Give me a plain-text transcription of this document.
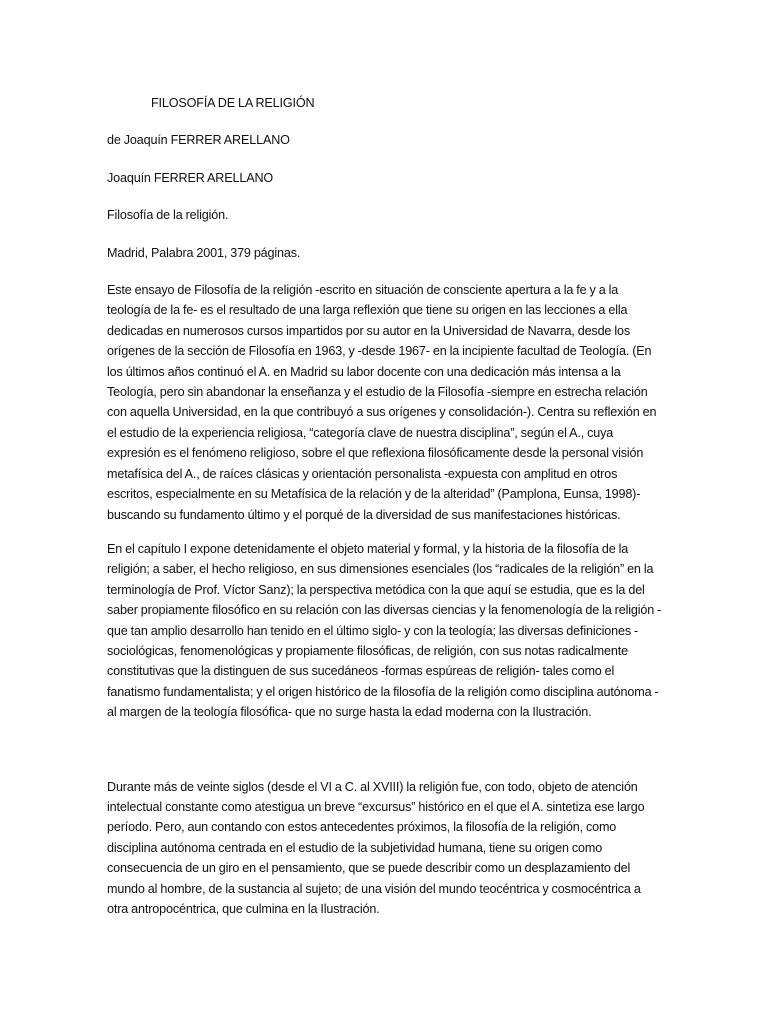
FILOSOFÍA DE LA RELIGIÓN

de Joaquín FERRER ARELLANO

Joaquín FERRER ARELLANO

Filosofía de la religión.

Madrid, Palabra 2001, 379 páginas.

Este ensayo de Filosofía de la religión -escrito en situación de consciente apertura a la fe y a la teología de la fe- es el resultado de una larga reflexión que tiene su origen en las lecciones a ella dedicadas en numerosos cursos impartidos por su autor en la Universidad de Navarra, desde los orígenes de la sección de Filosofía en 1963, y -desde 1967- en la incipiente facultad de Teología. (En los últimos años continuó el A. en Madrid su labor docente con una dedicación más intensa a la Teología, pero sin abandonar la enseñanza y el estudio de la Filosofía -siempre en estrecha relación con aquella Universidad, en la que contribuyó a sus orígenes y consolidación-). Centra su reflexión en el estudio de la experiencia religiosa, “categoría clave de nuestra disciplina”, según el A., cuya expresión es el fenómeno religioso, sobre el que reflexiona filosóficamente desde la personal visión metafísica del A., de raíces clásicas y orientación personalista -expuesta con amplitud en otros escritos, especialmente en su Metafísica de la relación y de la alteridad” (Pamplona, Eunsa, 1998)- buscando su fundamento último y el porqué de la diversidad de sus manifestaciones históricas.

En el capítulo I expone detenidamente el objeto material y formal, y la historia de la filosofía de la religión; a saber, el hecho religioso, en sus dimensiones esenciales (los “radicales de la religión” en la terminología de Prof. Víctor Sanz); la perspectiva metódica con la que aquí se estudia, que es la del saber propiamente filosófico en su relación con las diversas ciencias y la fenomenología de la religión -que tan amplio desarrollo han tenido en el último siglo- y con la teología; las diversas definiciones -sociológicas, fenomenológicas y propiamente filosóficas, de religión, con sus notas radicalmente constitutivas que la distinguen de sus sucedáneos -formas espúreas de religión- tales como el fanatismo fundamentalista; y el origen histórico de la filosofía de la religión como disciplina autónoma -al margen de la teología filosófica- que no surge hasta la edad moderna con la Ilustración.

Durante más de veinte siglos (desde el VI a C. al XVIII) la religión fue, con todo, objeto de atención intelectual constante como atestigua un breve “excursus” histórico en el que el A. sintetiza ese largo período. Pero, aun contando con estos antecedentes próximos, la filosofía de la religión, como disciplina autónoma centrada en el estudio de la subjetividad humana, tiene su origen como consecuencia de un giro en el pensamiento, que se puede describir como un desplazamiento del mundo al hombre, de la sustancia al sujeto; de una visión del mundo teocéntrica y cosmocéntrica a otra antropocéntrica, que culmina en la Ilustración.
